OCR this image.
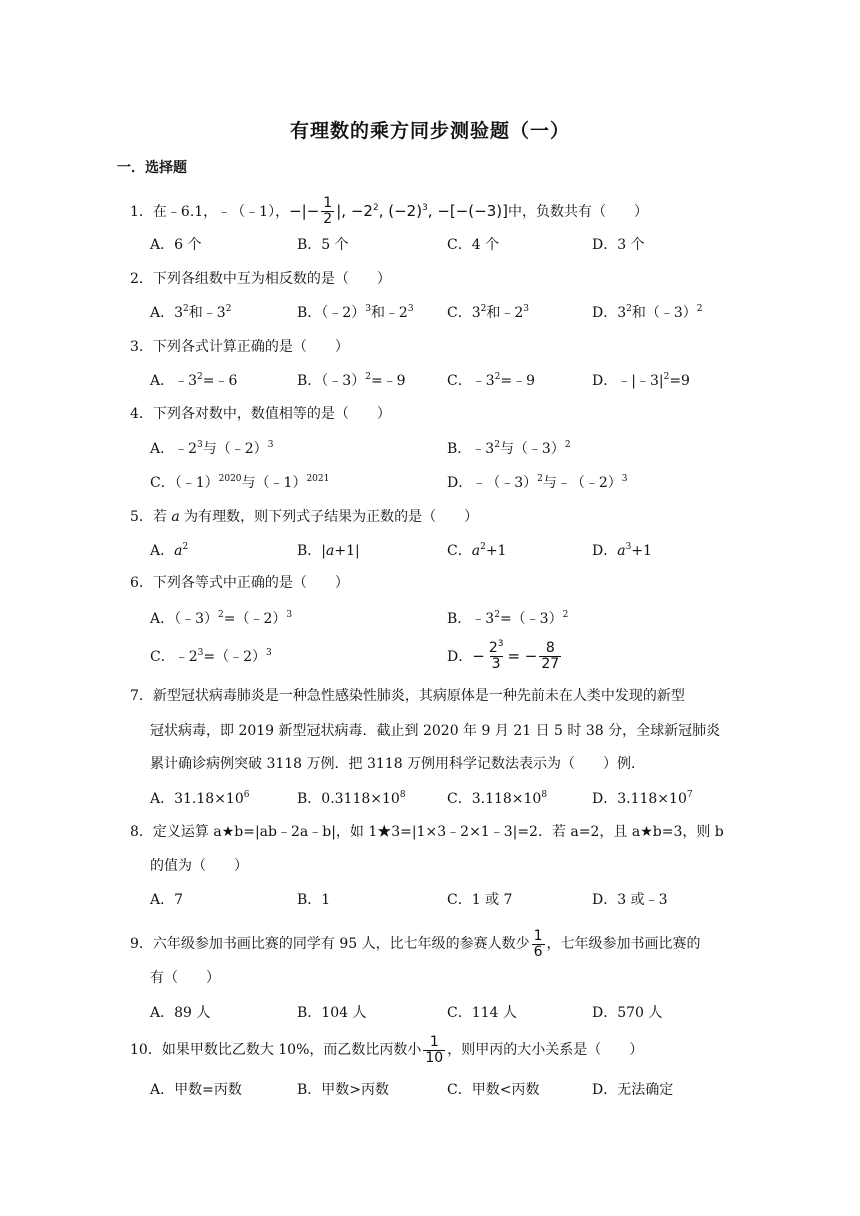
有理数的乘方同步测验题（一）
一．选择题
1．在﹣6.1，﹣（﹣1），−|− $\frac{1}{2}$ |, $-2^2$, $(-2)^3$, −[−(−3)]中，负数共有（　　）
A．6 个	B．5 个	C．4 个	D．3 个
2．下列各组数中互为相反数的是（　　）
A．$3^2$和$﹣3^2$	B．（﹣2）$^3$和$﹣2^3$ C．$3^2$和$﹣2^3$	D．$3^2$和（﹣3）$^2$
3．下列各式计算正确的是（　　）
A．$﹣3^2=﹣6$	B．（﹣3）$^2$=﹣9	C．$﹣3^2=﹣9$	D．$﹣|﹣3|^2=9$
4．下列各对数中，数值相等的是（　　）
A．$﹣2^3$与（﹣2）$^3$	B．$﹣3^2$与（﹣3）$^2$
C．（﹣1）$^{2020}$与（﹣1）$^{2021}$	D．﹣（﹣3）$^2$与﹣（﹣2）$^3$
5．若 a 为有理数，则下列式子结果为正数的是（　　）
A．$a^2$	B．|a+1|	C．$a^2+1$	D．$a^3+1$
6．下列各等式中正确的是（　　）
A．（﹣3）$^2$=（﹣2）$^3$	B．$﹣3^2=(﹣3)^2$
C．$﹣2^3=(﹣2)^3$	D．− $\frac{2^3}{3}$ = − $\frac{8}{27}$
7．新型冠状病毒肺炎是一种急性感染性肺炎，其病原体是一种先前未在人类中发现的新型
冠状病毒，即 2019 新型冠状病毒．截止到 2020 年 9 月 21 日 5 时 38 分，全球新冠肺炎
累计确诊病例突破 3118 万例．把 3118 万例用科学记数法表示为（　　）例．
A．$31.18\times 10^6$	B．$0.3118\times 10^8$	C．$3.118\times 10^8$	D．$3.118\times 10^7$
8．定义运算 a★b=|ab﹣2a﹣b|，如 1★3=|1×3﹣2×1﹣3|=2．若 a=2，且 a★b=3，则 b
的值为（　　）
A．7	B．1	C．1 或 7	D．3 或﹣3
9．六年级参加书画比赛的同学有 95 人，比七年级的参赛人数少 $\frac{1}{6}$ ，七年级参加书画比赛的
有（　　）
A．89 人	B．104 人	C．114 人	D．570 人
10．如果甲数比乙数大 10%，而乙数比丙数小 $\frac{1}{10}$ ，则甲丙的大小关系是（　　）
A．甲数=丙数	B．甲数>丙数	C．甲数<丙数	D．无法确定
